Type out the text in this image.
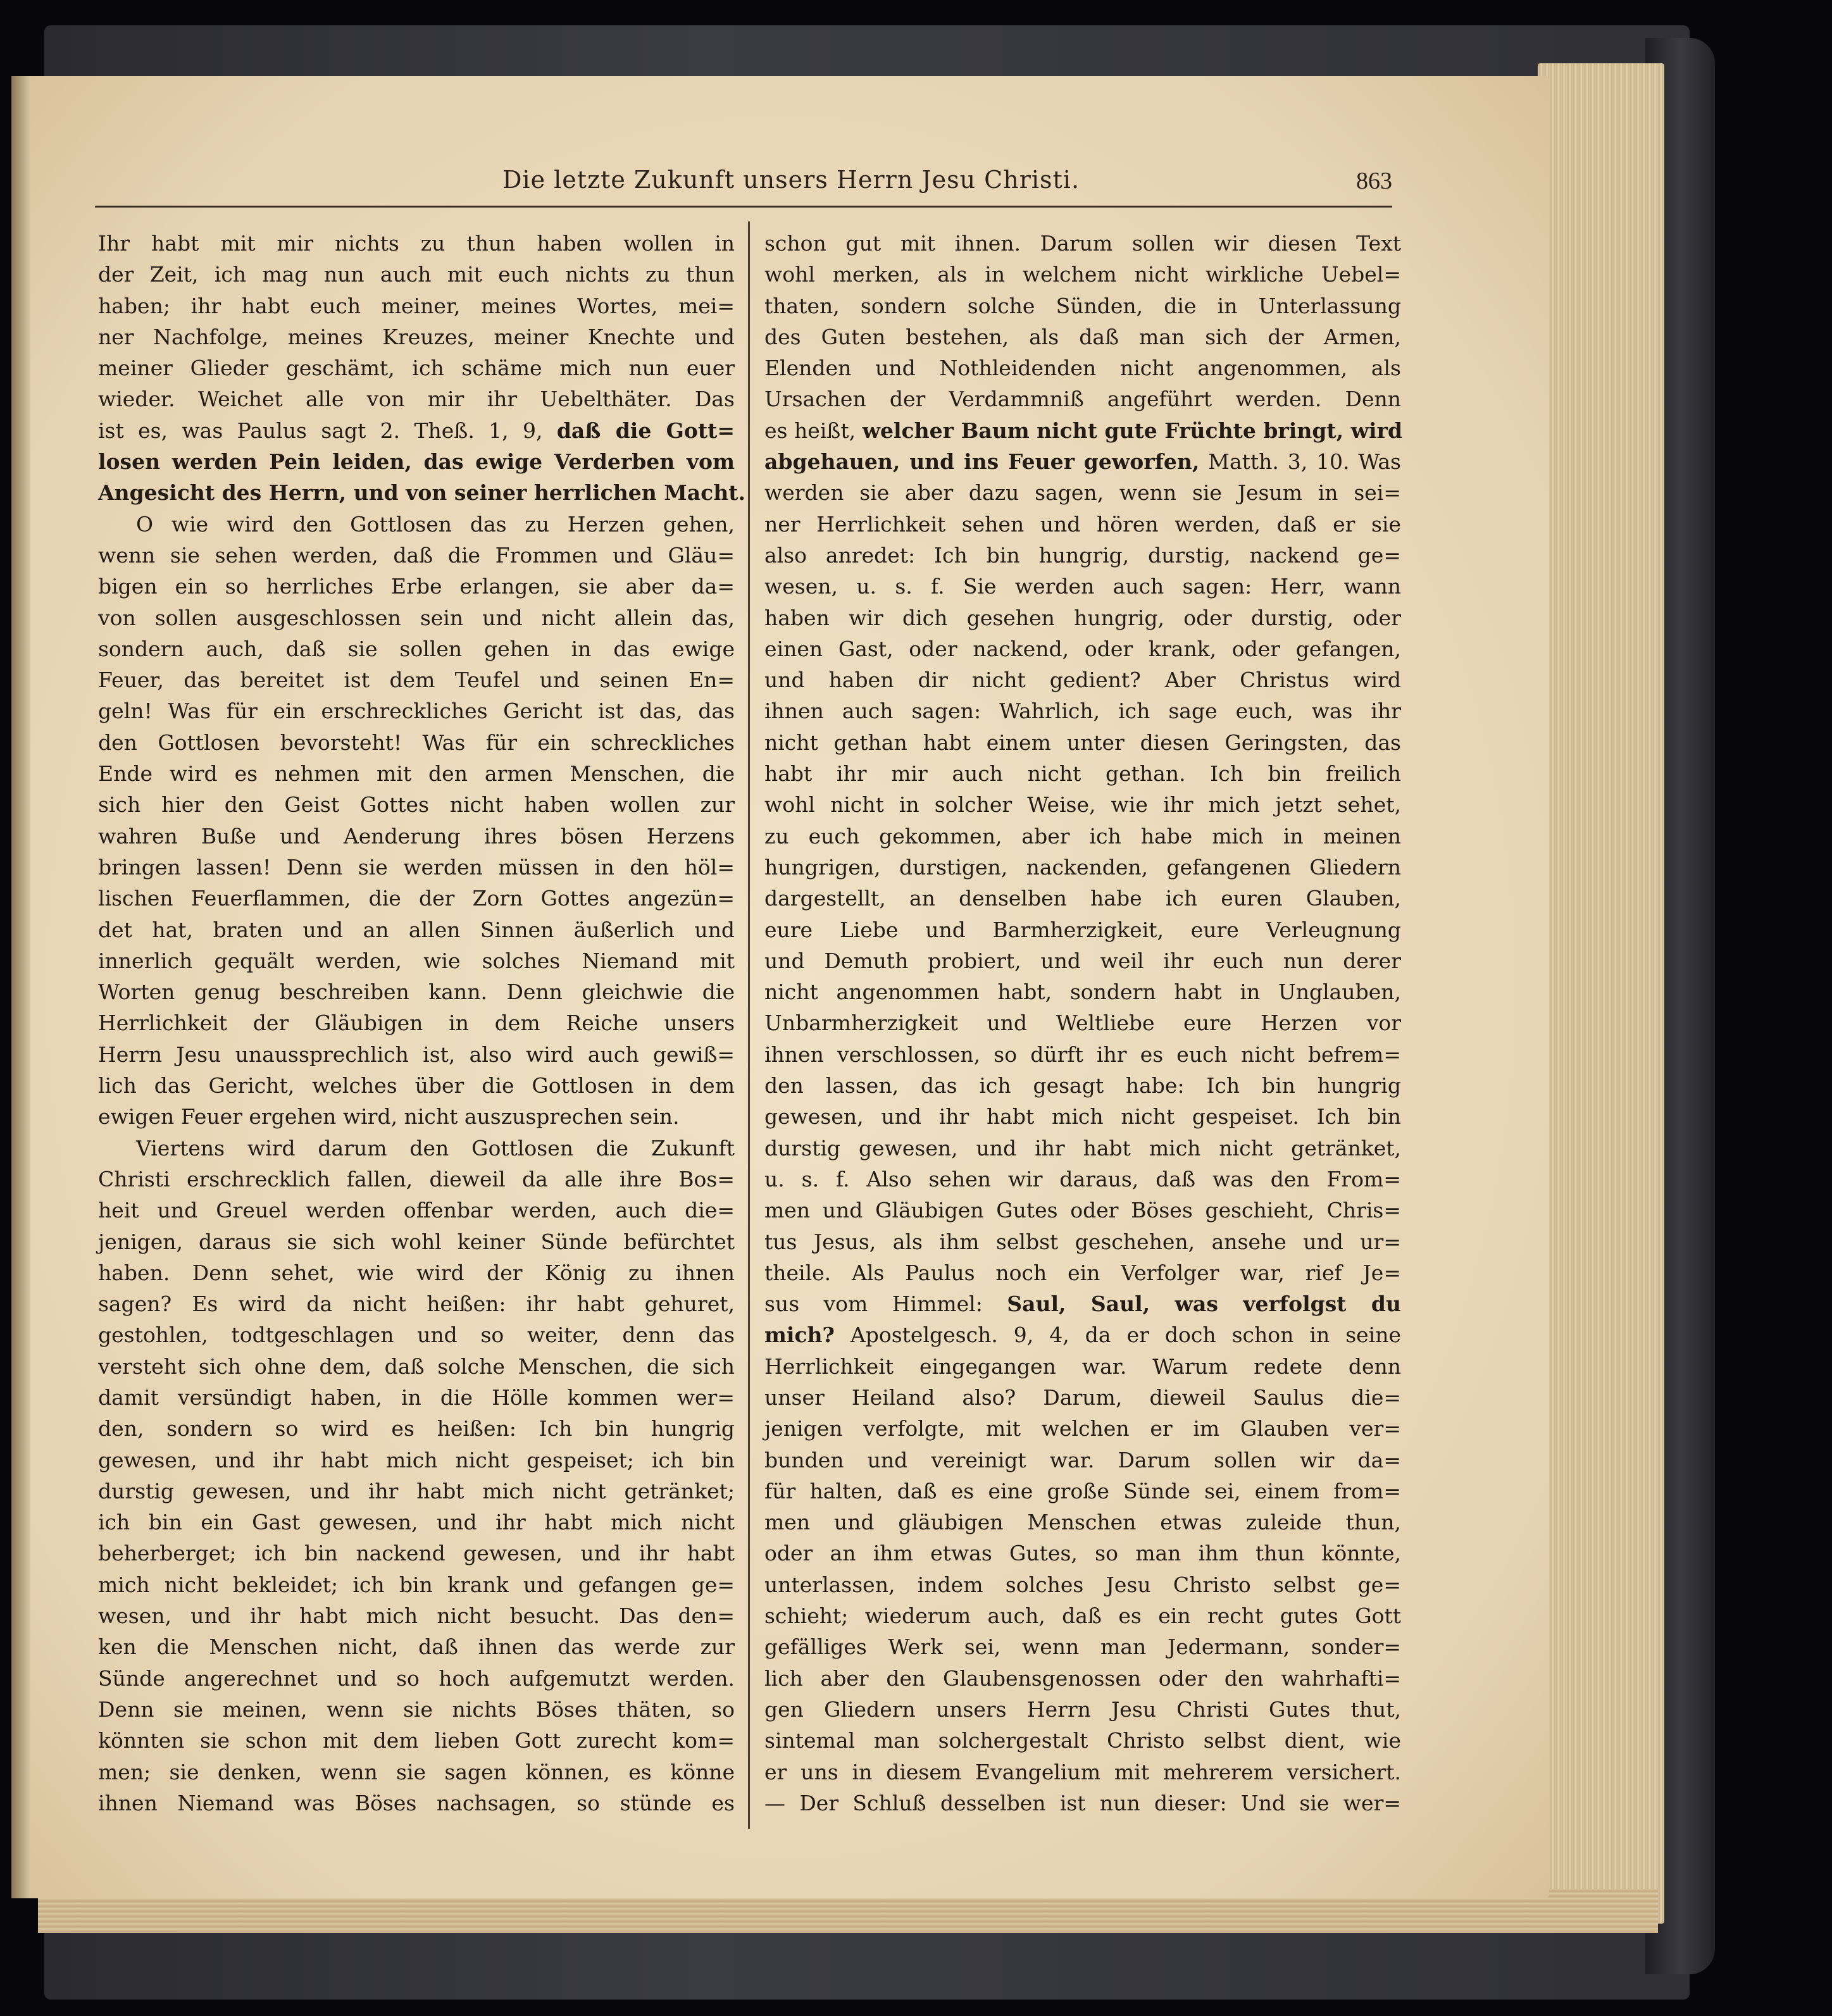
Die letzte Zukunft unsers Herrn Jesu Christi.	863
Ihr habt mit mir nichts zu thun haben wollen in
der Zeit, ich mag nun auch mit euch nichts zu thun
haben; ihr habt euch meiner, meines Wortes, mei=
ner Nachfolge, meines Kreuzes, meiner Knechte und
meiner Glieder geschämt, ich schäme mich nun euer
wieder. Weichet alle von mir ihr Uebelthäter. Das
ist es, was Paulus sagt 2. Theß. 1, 9, daß die Gott=
losen werden Pein leiden, das ewige Verderben vom
Angesicht des Herrn, und von seiner herrlichen Macht.
O wie wird den Gottlosen das zu Herzen gehen,
wenn sie sehen werden, daß die Frommen und Gläu=
bigen ein so herrliches Erbe erlangen, sie aber da=
von sollen ausgeschlossen sein und nicht allein das,
sondern auch, daß sie sollen gehen in das ewige
Feuer, das bereitet ist dem Teufel und seinen En=
geln! Was für ein erschreckliches Gericht ist das, das
den Gottlosen bevorsteht! Was für ein schreckliches
Ende wird es nehmen mit den armen Menschen, die
sich hier den Geist Gottes nicht haben wollen zur
wahren Buße und Aenderung ihres bösen Herzens
bringen lassen! Denn sie werden müssen in den höl=
lischen Feuerflammen, die der Zorn Gottes angezün=
det hat, braten und an allen Sinnen äußerlich und
innerlich gequält werden, wie solches Niemand mit
Worten genug beschreiben kann. Denn gleichwie die
Herrlichkeit der Gläubigen in dem Reiche unsers
Herrn Jesu unaussprechlich ist, also wird auch gewiß=
lich das Gericht, welches über die Gottlosen in dem
ewigen Feuer ergehen wird, nicht auszusprechen sein.
Viertens wird darum den Gottlosen die Zukunft
Christi erschrecklich fallen, dieweil da alle ihre Bos=
heit und Greuel werden offenbar werden, auch die=
jenigen, daraus sie sich wohl keiner Sünde befürchtet
haben. Denn sehet, wie wird der König zu ihnen
sagen? Es wird da nicht heißen: ihr habt gehuret,
gestohlen, todtgeschlagen und so weiter, denn das
versteht sich ohne dem, daß solche Menschen, die sich
damit versündigt haben, in die Hölle kommen wer=
den, sondern so wird es heißen: Ich bin hungrig
gewesen, und ihr habt mich nicht gespeiset; ich bin
durstig gewesen, und ihr habt mich nicht getränket;
ich bin ein Gast gewesen, und ihr habt mich nicht
beherberget; ich bin nackend gewesen, und ihr habt
mich nicht bekleidet; ich bin krank und gefangen ge=
wesen, und ihr habt mich nicht besucht. Das den=
ken die Menschen nicht, daß ihnen das werde zur
Sünde angerechnet und so hoch aufgemutzt werden.
Denn sie meinen, wenn sie nichts Böses thäten, so
könnten sie schon mit dem lieben Gott zurecht kom=
men; sie denken, wenn sie sagen können, es könne
ihnen Niemand was Böses nachsagen, so stünde es
schon gut mit ihnen. Darum sollen wir diesen Text
wohl merken, als in welchem nicht wirkliche Uebel=
thaten, sondern solche Sünden, die in Unterlassung
des Guten bestehen, als daß man sich der Armen,
Elenden und Nothleidenden nicht angenommen, als
Ursachen der Verdammniß angeführt werden. Denn
es heißt, welcher Baum nicht gute Früchte bringt, wird
abgehauen, und ins Feuer geworfen, Matth. 3, 10. Was
werden sie aber dazu sagen, wenn sie Jesum in sei=
ner Herrlichkeit sehen und hören werden, daß er sie
also anredet: Ich bin hungrig, durstig, nackend ge=
wesen, u. s. f. Sie werden auch sagen: Herr, wann
haben wir dich gesehen hungrig, oder durstig, oder
einen Gast, oder nackend, oder krank, oder gefangen,
und haben dir nicht gedient? Aber Christus wird
ihnen auch sagen: Wahrlich, ich sage euch, was ihr
nicht gethan habt einem unter diesen Geringsten, das
habt ihr mir auch nicht gethan. Ich bin freilich
wohl nicht in solcher Weise, wie ihr mich jetzt sehet,
zu euch gekommen, aber ich habe mich in meinen
hungrigen, durstigen, nackenden, gefangenen Gliedern
dargestellt, an denselben habe ich euren Glauben,
eure Liebe und Barmherzigkeit, eure Verleugnung
und Demuth probiert, und weil ihr euch nun derer
nicht angenommen habt, sondern habt in Unglauben,
Unbarmherzigkeit und Weltliebe eure Herzen vor
ihnen verschlossen, so dürft ihr es euch nicht befrem=
den lassen, das ich gesagt habe: Ich bin hungrig
gewesen, und ihr habt mich nicht gespeiset. Ich bin
durstig gewesen, und ihr habt mich nicht getränket,
u. s. f. Also sehen wir daraus, daß was den From=
men und Gläubigen Gutes oder Böses geschieht, Chris=
tus Jesus, als ihm selbst geschehen, ansehe und ur=
theile. Als Paulus noch ein Verfolger war, rief Je=
sus vom Himmel: Saul, Saul, was verfolgst du
mich? Apostelgesch. 9, 4, da er doch schon in seine
Herrlichkeit eingegangen war. Warum redete denn
unser Heiland also? Darum, dieweil Saulus die=
jenigen verfolgte, mit welchen er im Glauben ver=
bunden und vereinigt war. Darum sollen wir da=
für halten, daß es eine große Sünde sei, einem from=
men und gläubigen Menschen etwas zuleide thun,
oder an ihm etwas Gutes, so man ihm thun könnte,
unterlassen, indem solches Jesu Christo selbst ge=
schieht; wiederum auch, daß es ein recht gutes Gott
gefälliges Werk sei, wenn man Jedermann, sonder=
lich aber den Glaubensgenossen oder den wahrhafti=
gen Gliedern unsers Herrn Jesu Christi Gutes thut,
sintemal man solchergestalt Christo selbst dient, wie
er uns in diesem Evangelium mit mehrerem versichert.
— Der Schluß desselben ist nun dieser: Und sie wer=
